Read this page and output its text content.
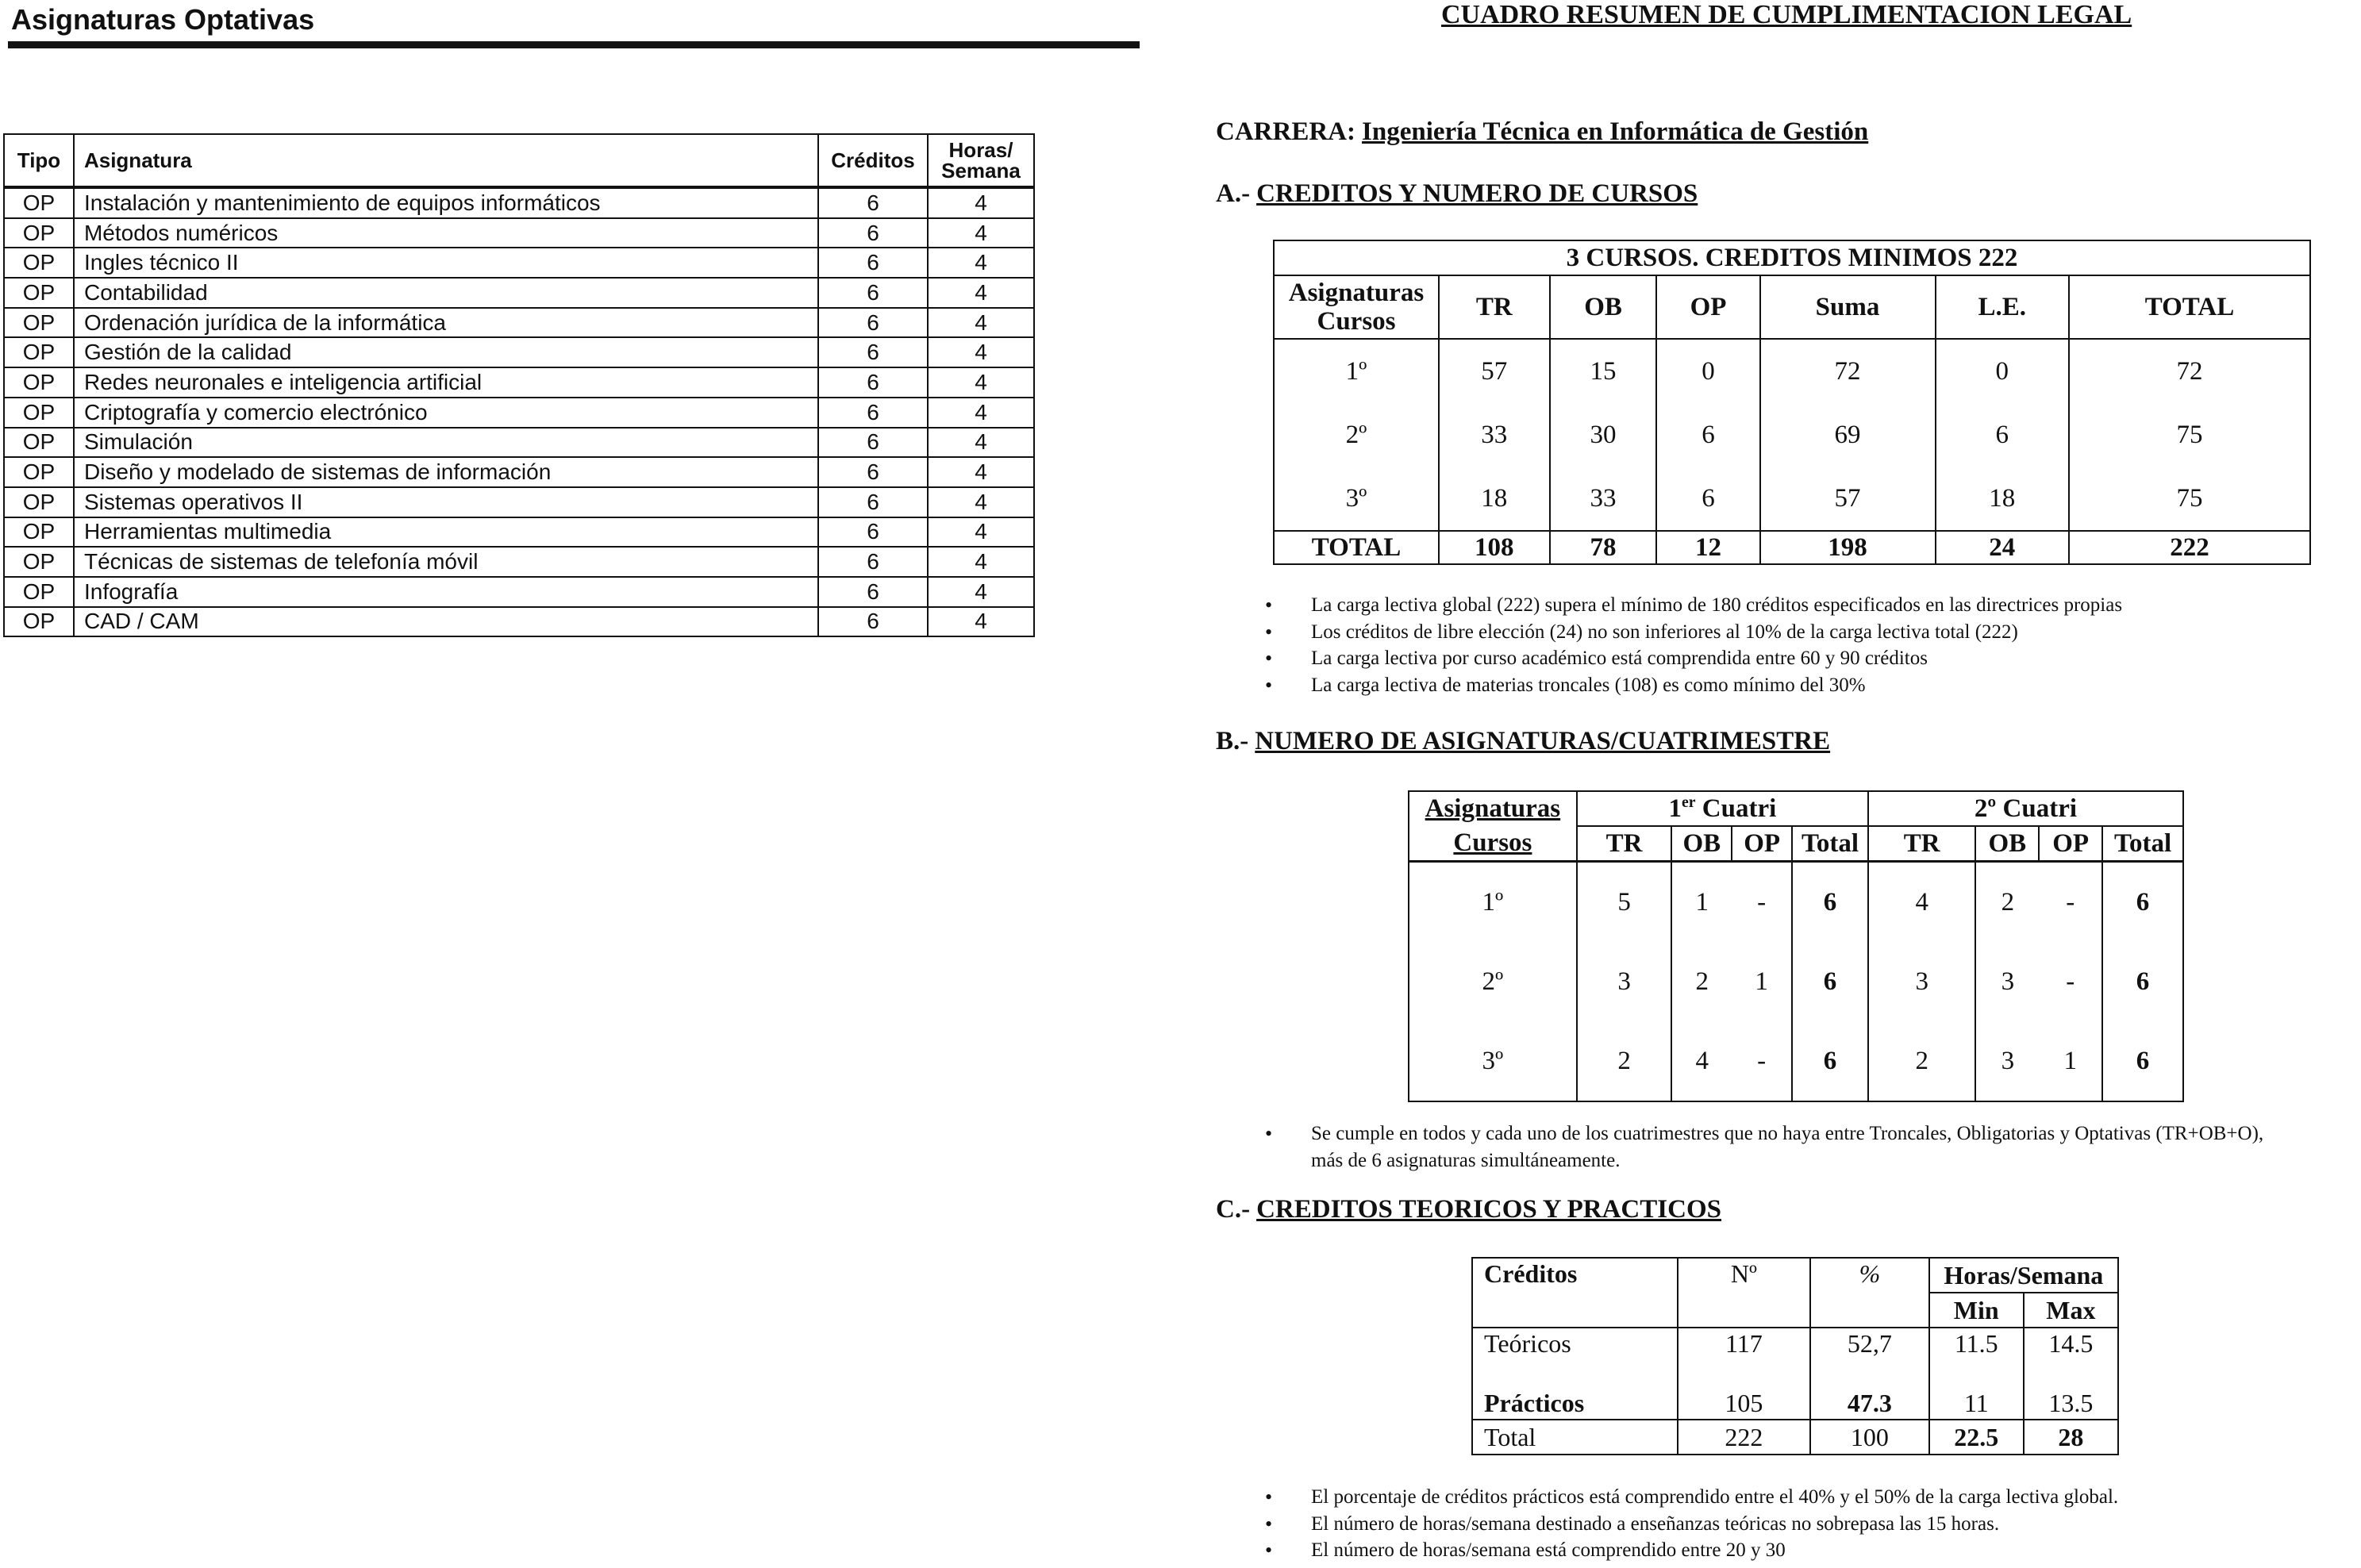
Asignaturas Optativas
Tipo	Asignatura	Créditos	Horas/ Semana
OP	Instalación y mantenimiento de equipos informáticos	6	4
OP	Métodos numéricos	6	4
OP	Ingles técnico II	6	4
OP	Contabilidad	6	4
OP	Ordenación jurídica de la informática	6	4
OP	Gestión de la calidad	6	4
OP	Redes neuronales e inteligencia artificial	6	4
OP	Criptografía y comercio electrónico	6	4
OP	Simulación	6	4
OP	Diseño y modelado de sistemas de información	6	4
OP	Sistemas operativos II	6	4
OP	Herramientas multimedia	6	4
OP	Técnicas de sistemas de telefonía móvil	6	4
OP	Infografía	6	4
OP	CAD / CAM	6	4
CUADRO RESUMEN DE CUMPLIMENTACION LEGAL
CARRERA: Ingeniería Técnica en Informática de Gestión
A.- CREDITOS Y NUMERO DE CURSOS
3 CURSOS. CREDITOS MINIMOS 222						
Asignaturas Cursos	TR	OB	OP	Suma	L.E.	TOTAL
1º	57	15	0	72	0	72
2º	33	30	6	69	6	75
3º	18	33	6	57	18	75
TOTAL	108	78	12	198	24	222
• La carga lectiva global (222) supera el mínimo de 180 créditos especificados en las directrices propias
• Los créditos de libre elección (24) no son inferiores al 10% de la carga lectiva total (222)
• La carga lectiva por curso académico está comprendida entre 60 y 90 créditos
• La carga lectiva de materias troncales (108) es como mínimo del 30%
B.- NUMERO DE ASIGNATURAS/CUATRIMESTRE
Asignaturas	1er Cuatri				2º Cuatri			
Cursos	TR	OB	OP	Total	TR	OB	OP	Total
1º	5	1	-	6	4	2	-	6
2º	3	2	1	6	3	3	-	6
3º	2	4	-	6	2	3	1	6
• Se cumple en todos y cada uno de los cuatrimestres que no haya entre Troncales, Obligatorias y Optativas (TR+OB+O),
más de 6 asignaturas simultáneamente.
C.- CREDITOS TEORICOS Y PRACTICOS
Créditos	Nº	%	Horas/Semana	
			Min	Max
Teóricos	117	52,7	11.5	14.5
Prácticos	105	47.3	11	13.5
Total	222	100	22.5	28
• El porcentaje de créditos prácticos está comprendido entre el 40% y el 50% de la carga lectiva global.
• El número de horas/semana destinado a enseñanzas teóricas no sobrepasa las 15 horas.
• El número de horas/semana está comprendido entre 20 y 30
